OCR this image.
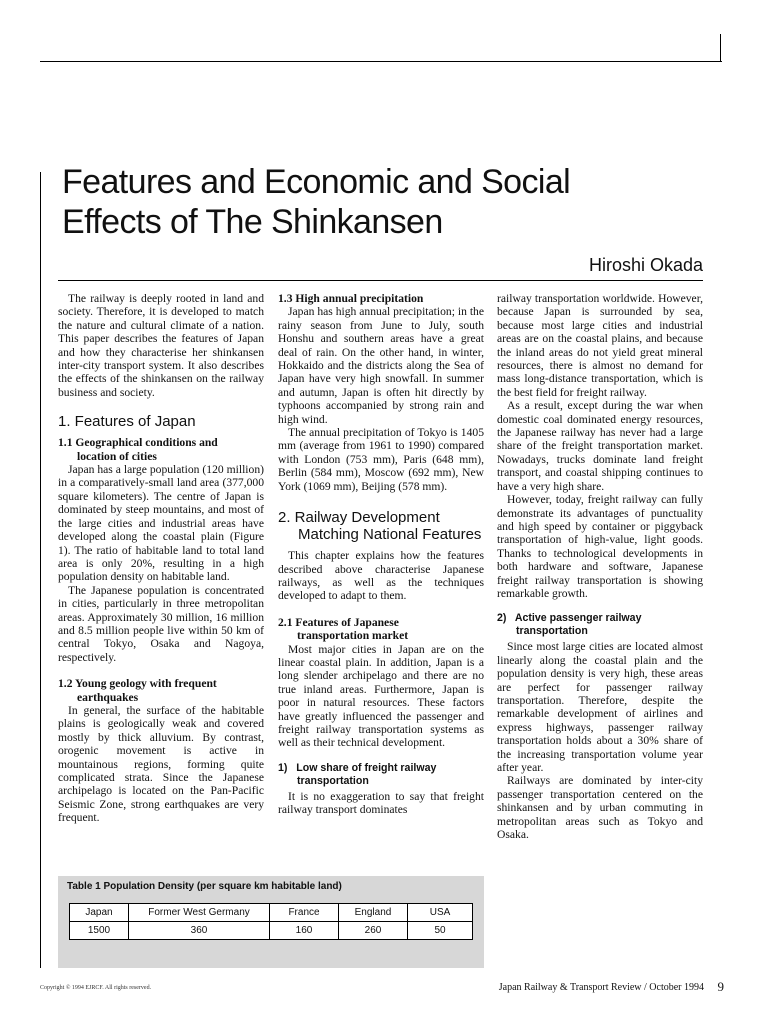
Features and Economic and Social
Effects of The Shinkansen
Hiroshi Okada

The railway is deeply rooted in land and society. Therefore, it is developed to match the nature and cultural climate of a nation. This paper describes the features of Japan and how they characterise her shinkansen inter-city transport system. It also describes the effects of the shinkansen on the railway business and society.

1. Features of Japan
1.1 Geographical conditions and
location of cities

Japan has a large population (120 million) in a comparatively-small land area (377,000 square kilometers). The centre of Japan is dominated by steep mountains, and most of the large cities and industrial areas have developed along the coastal plain (Figure 1). The ratio of habitable land to total land area is only 20%, resulting in a high population density on habitable land.

The Japanese population is concentrated in cities, particularly in three metropolitan areas. Approximately 30 million, 16 million and 8.5 million people live within 50 km of central Tokyo, Osaka and Nagoya, respectively.

1.2 Young geology with frequent
earthquakes

In general, the surface of the habitable plains is geologically weak and covered mostly by thick alluvium. By contrast, orogenic movement is active in mountainous regions, forming quite complicated strata. Since the Japanese archipelago is located on the Pan-Pacific Seismic Zone, strong earthquakes are very frequent.

1.3 High annual precipitation

Japan has high annual precipitation; in the rainy season from June to July, south Honshu and southern areas have a great deal of rain. On the other hand, in winter, Hokkaido and the districts along the Sea of Japan have very high snowfall. In summer and autumn, Japan is often hit directly by typhoons accompanied by strong rain and high wind.

The annual precipitation of Tokyo is 1405 mm (average from 1961 to 1990) compared with London (753 mm), Paris (648 mm), Berlin (584 mm), Moscow (692 mm), New York (1069 mm), Beijing (578 mm).

2. Railway Development
Matching National Features

This chapter explains how the features described above characterise Japanese railways, as well as the techniques developed to adapt to them.

2.1 Features of Japanese
transportation market

Most major cities in Japan are on the linear coastal plain. In addition, Japan is a long slender archipelago and there are no true inland areas. Furthermore, Japan is poor in natural resources. These factors have greatly influenced the passenger and freight railway transportation systems as well as their technical development.

1)   Low share of freight railway
transportation

It is no exaggeration to say that freight railway transport dominates

railway transportation worldwide. However, because Japan is surrounded by sea, because most large cities and industrial areas are on the coastal plains, and because the inland areas do not yield great mineral resources, there is almost no demand for mass long-distance transportation, which is the best field for freight railway.

As a result, except during the war when domestic coal dominated energy resources, the Japanese railway has never had a large share of the freight transportation market. Nowadays, trucks dominate land freight transport, and coastal shipping continues to have a very high share.

However, today, freight railway can fully demonstrate its advantages of punctuality and high speed by container or piggyback transportation of high-value, light goods. Thanks to technological developments in both hardware and software, Japanese freight railway transportation is showing remarkable growth.

2)   Active passenger railway
transportation

Since most large cities are located almost linearly along the coastal plain and the population density is very high, these areas are perfect for passenger railway transportation. Therefore, despite the remarkable development of airlines and express highways, passenger railway transportation holds about a 30% share of the increasing transportation volume year after year.

Railways are dominated by inter-city passenger transportation centered on the shinkansen and by urban commuting in metropolitan areas such as Tokyo and Osaka.

Table 1 Population Density (per square km habitable land)
Japan	Former West Germany	France	England	USA
1500	360	160	260	50
Copyright © 1994 EJRCF. All rights reserved.	Japan Railway & Transport Review / October 1994 9
